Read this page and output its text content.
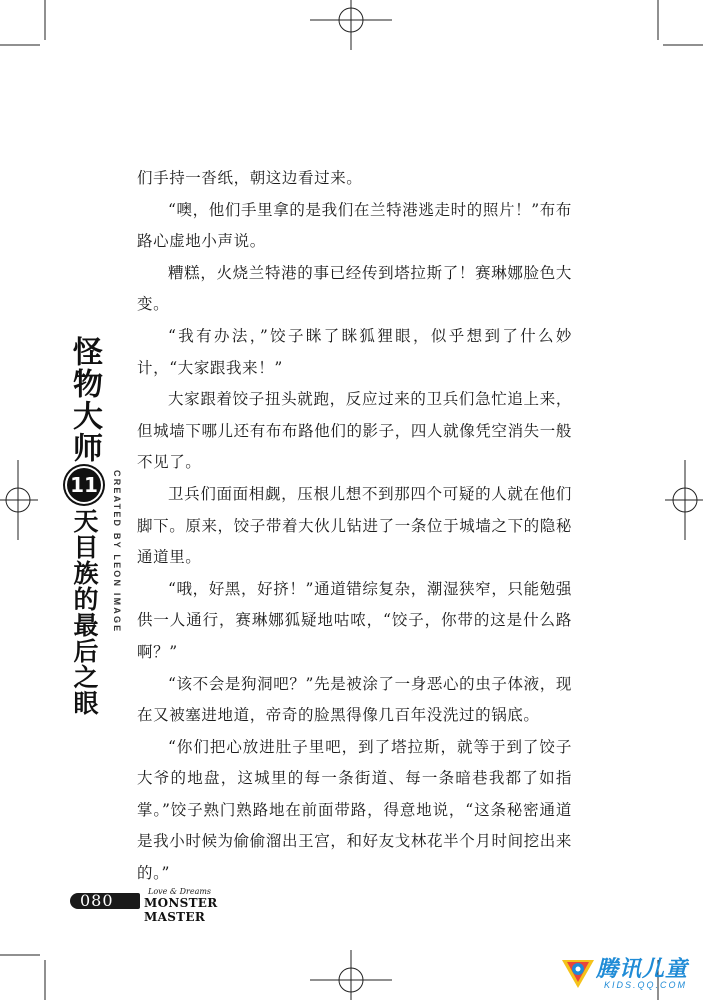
怪物大师
11
天目族的最后之眼	CREATED BY LEON IMAGE

们手持一沓纸，朝这边看过来。

“噢，他们手里拿的是我们在兰特港逃走时的照片！”布布路心虚地小声说。

糟糕，火烧兰特港的事已经传到塔拉斯了！赛琳娜脸色大变。

“我有办法，”饺子眯了眯狐狸眼，似乎想到了什么妙计，“大家跟我来！”

大家跟着饺子扭头就跑，反应过来的卫兵们急忙追上来，但城墙下哪儿还有布布路他们的影子，四人就像凭空消失一般不见了。

卫兵们面面相觑，压根儿想不到那四个可疑的人就在他们脚下。原来，饺子带着大伙儿钻进了一条位于城墙之下的隐秘通道里。

“哦，好黑，好挤！”通道错综复杂，潮湿狭窄，只能勉强供一人通行，赛琳娜狐疑地咕哝，“饺子，你带的这是什么路啊？”

“该不会是狗洞吧？”先是被涂了一身恶心的虫子体液，现在又被塞进地道，帝奇的脸黑得像几百年没洗过的锅底。

“你们把心放进肚子里吧，到了塔拉斯，就等于到了饺子大爷的地盘，这城里的每一条街道、每一条暗巷我都了如指掌。”饺子熟门熟路地在前面带路，得意地说，“这条秘密通道是我小时候为偷偷溜出王宫，和好友戈林花半个月时间挖出来的。”

080	Love & Dreams
MONSTER MASTER
腾讯儿童
KIDS.QQ.COM
